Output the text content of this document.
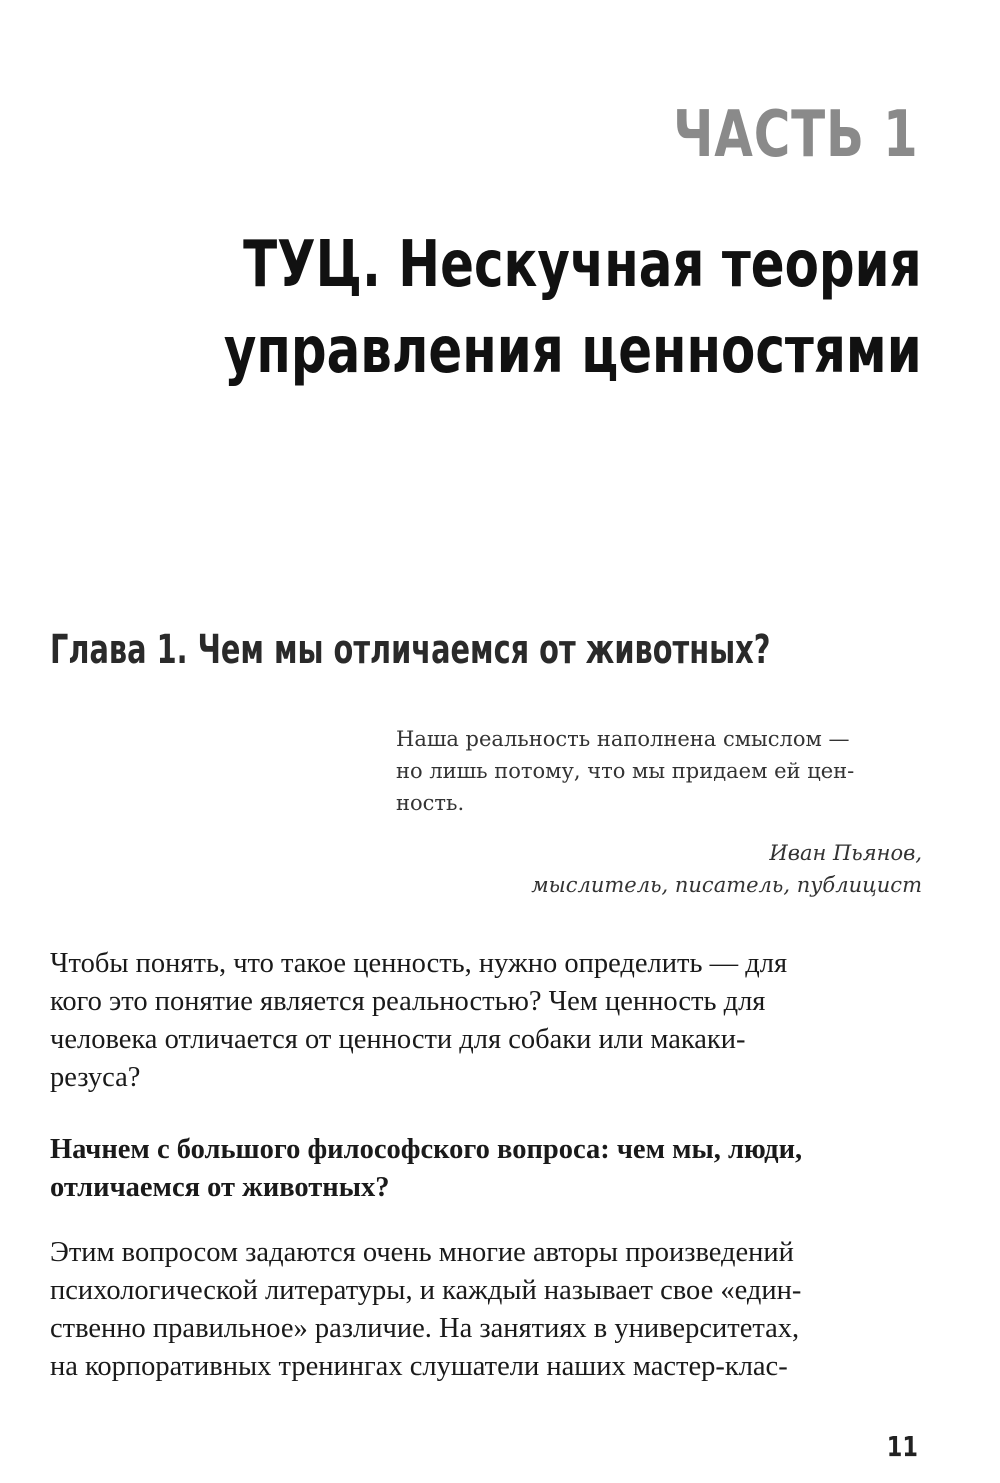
ЧАСТЬ 1
ТУЦ. Нескучная теория
управления ценностями
Глава 1. Чем мы отличаемся от животных?

Наша реальность наполнена смыслом —
но лишь потому, что мы придаем ей цен-
ность.

Иван Пьянов,
мыслитель, писатель, публицист
Чтобы понять, что такое ценность, нужно определить — для
кого это понятие является реальностью? Чем ценность для
человека отличается от ценности для собаки или макаки-
резуса?
Начнем с большого философского вопроса: чем мы, люди,
отличаемся от животных?
Этим вопросом задаются очень многие авторы произведений
психологической литературы, и каждый называет свое «един-
ственно правильное» различие. На занятиях в университетах,
на корпоративных тренингах слушатели наших мастер-клас-
11
